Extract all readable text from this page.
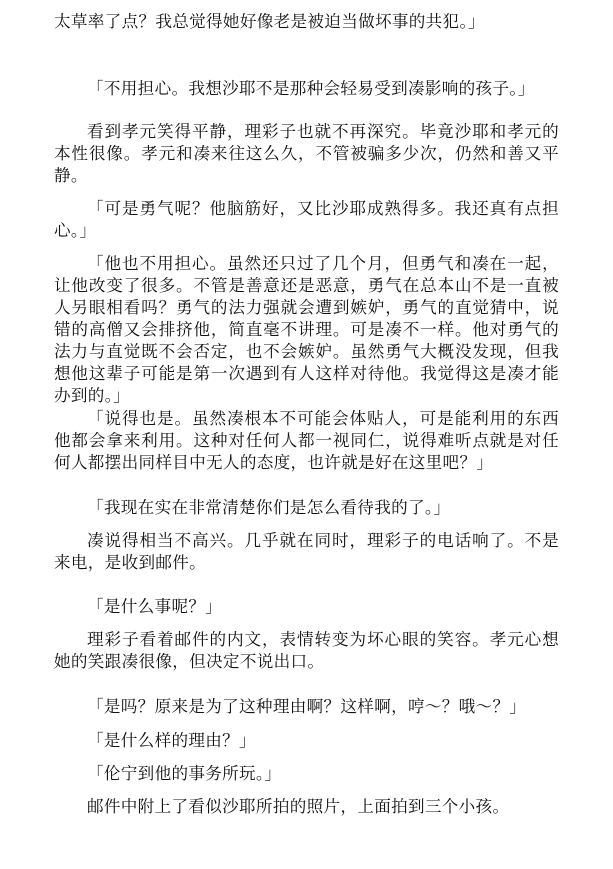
太草率了点？我总觉得她好像老是被迫当做坏事的共犯。」

「不用担心。我想沙耶不是那种会轻易受到凑影响的孩子。」

看到孝元笑得平静，理彩子也就不再深究。毕竟沙耶和孝元的本性很像。孝元和凑来往这么久，不管被骗多少次，仍然和善又平静。

「可是勇气呢？他脑筋好，又比沙耶成熟得多。我还真有点担心。」

「他也不用担心。虽然还只过了几个月，但勇气和凑在一起，让他改变了很多。不管是善意还是恶意，勇气在总本山不是一直被人另眼相看吗？勇气的法力强就会遭到嫉妒，勇气的直觉猜中，说错的高僧又会排挤他，简直毫不讲理。可是凑不一样。他对勇气的法力与直觉既不会否定，也不会嫉妒。虽然勇气大概没发现，但我想他这辈子可能是第一次遇到有人这样对待他。我觉得这是凑才能办到的。」

「说得也是。虽然凑根本不可能会体贴人，可是能利用的东西他都会拿来利用。这种对任何人都一视同仁，说得难听点就是对任何人都摆出同样目中无人的态度，也许就是好在这里吧？」

「我现在实在非常清楚你们是怎么看待我的了。」

凑说得相当不高兴。几乎就在同时，理彩子的电话响了。不是来电，是收到邮件。

「是什么事呢？」

理彩子看着邮件的内文，表情转变为坏心眼的笑容。孝元心想她的笑跟凑很像，但决定不说出口。

「是吗？原来是为了这种理由啊？这样啊，哼～？哦～？」

「是什么样的理由？」

「伦宁到他的事务所玩。」

邮件中附上了看似沙耶所拍的照片，上面拍到三个小孩。
